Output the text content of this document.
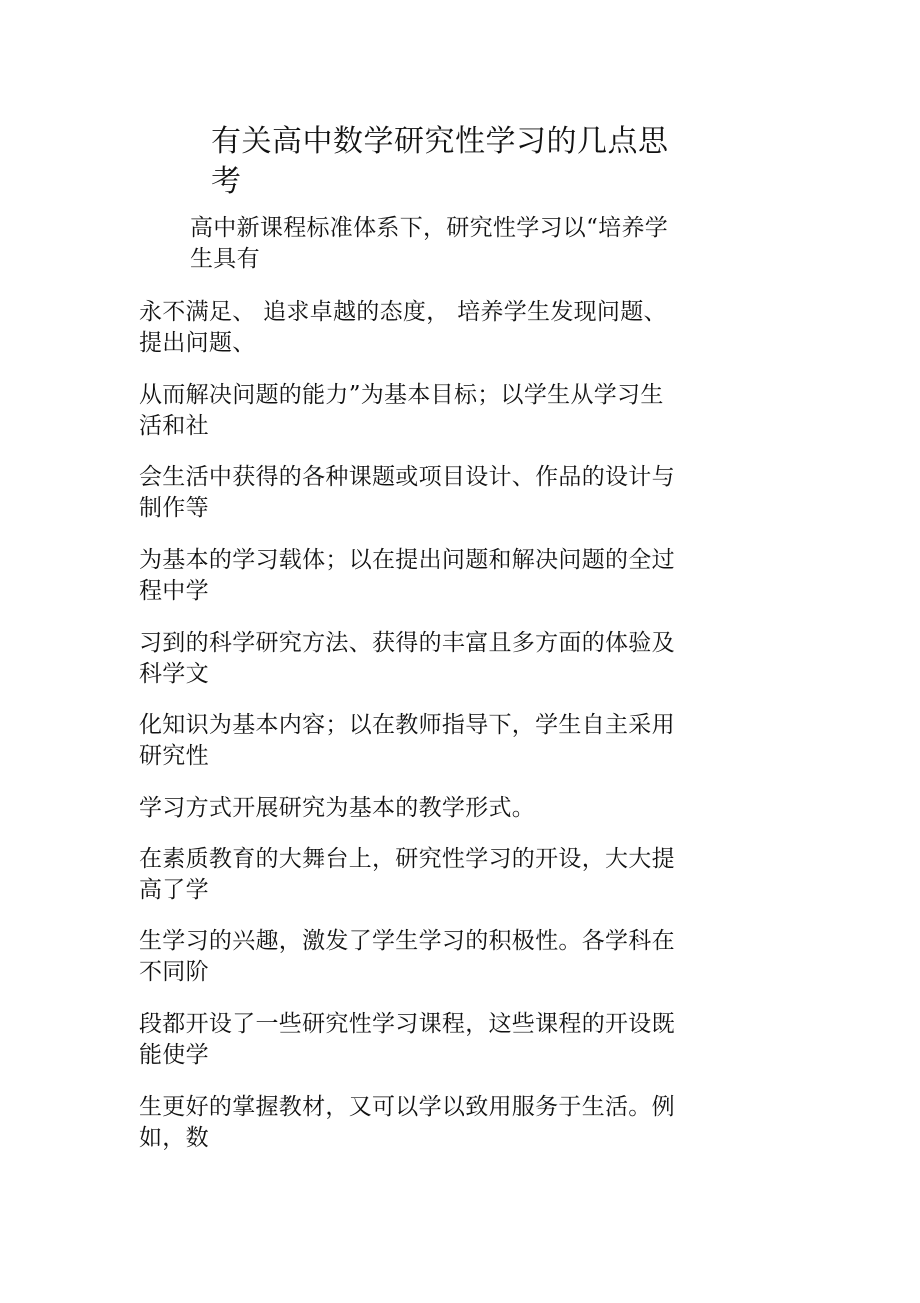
有关高中数学研究性学习的几点思
考

高中新课程标准体系下，研究性学习以“培养学
生具有

永不满足、 追求卓越的态度， 培养学生发现问题、
提出问题、

从而解决问题的能力”为基本目标；以学生从学习生
活和社

会生活中获得的各种课题或项目设计、作品的设计与
制作等

为基本的学习载体；以在提出问题和解决问题的全过
程中学

习到的科学研究方法、获得的丰富且多方面的体验及
科学文

化知识为基本内容；以在教师指导下，学生自主采用
研究性

学习方式开展研究为基本的教学形式。

在素质教育的大舞台上，研究性学习的开设，大大提
高了学

生学习的兴趣，激发了学生学习的积极性。各学科在
不同阶

段都开设了一些研究性学习课程，这些课程的开设既
能使学

生更好的掌握教材，又可以学以致用服务于生活。例
如，数
